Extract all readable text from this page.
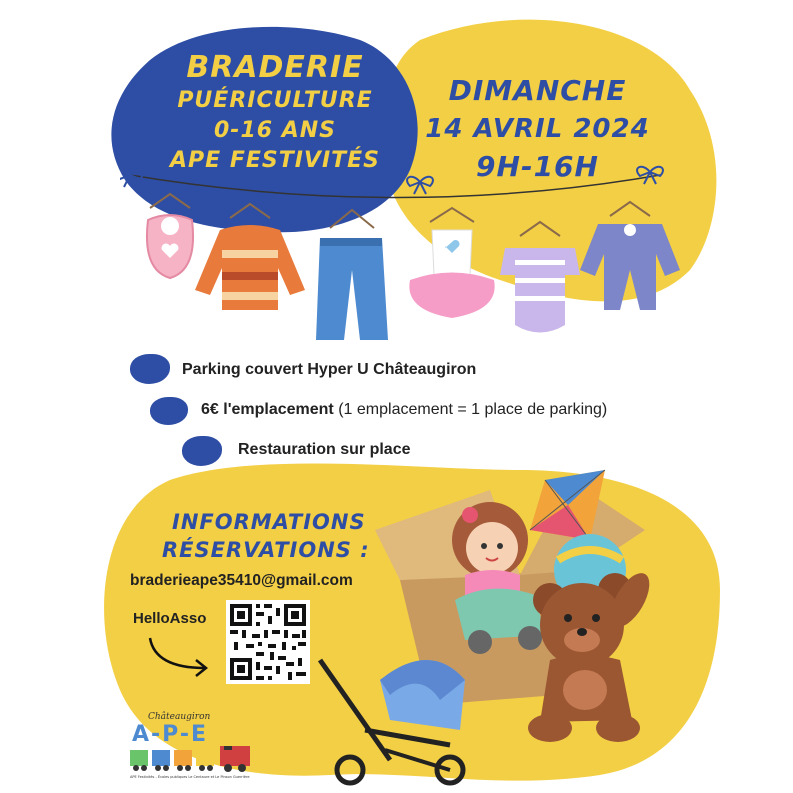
BRADERIE
PUÉRICULTURE
0-16 ANS
APE FESTIVITÉS
DIMANCHE
14 AVRIL 2024
9H-16H
Parking couvert Hyper U Châteaugiron
6€ l'emplacement (1 emplacement = 1 place de parking)
Restauration sur place
INFORMATIONS
RÉSERVATIONS :
braderieape35410@gmail.com
HelloAsso
Châteaugiron
A-P-E
APE Festivités - Écoles publiques Le Centaure et Le Pinson Guerrière
